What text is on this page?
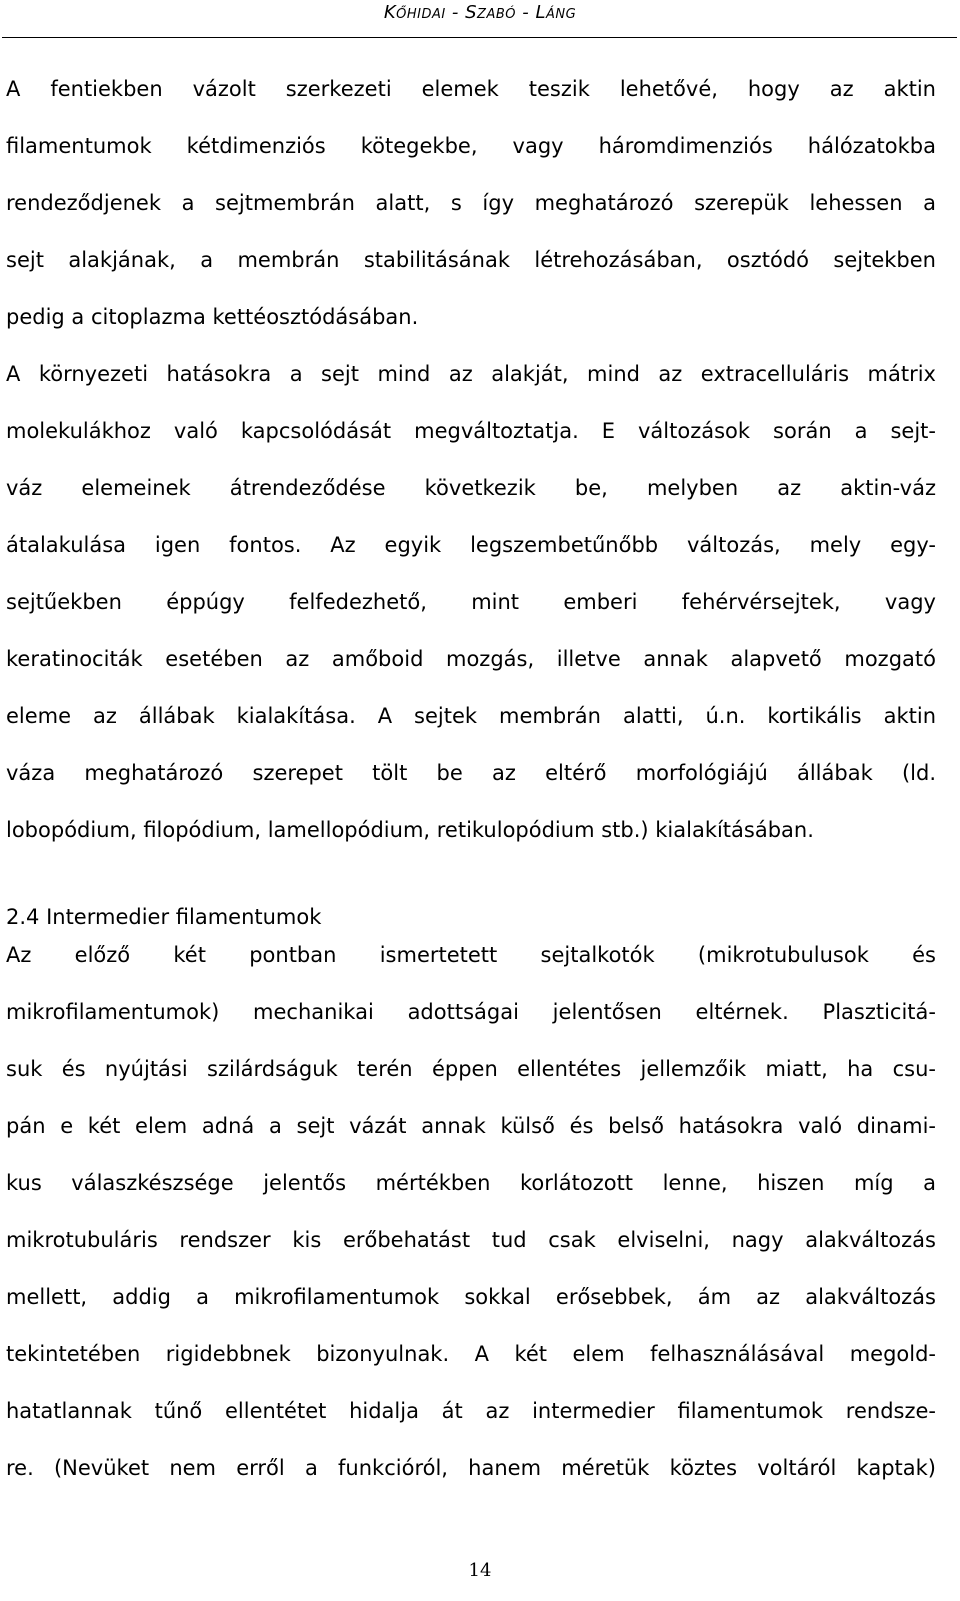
Kőhidai - Szabó - Láng

A fentiekben vázolt szerkezeti elemek teszik lehetővé, hogy az aktin

filamentumok kétdimenziós kötegekbe, vagy háromdimenziós hálózatokba

rendeződjenek a sejtmembrán alatt, s így meghatározó szerepük lehessen a

sejt alakjának, a membrán stabilitásának létrehozásában, osztódó sejtekben

pedig a citoplazma kettéosztódásában.

A környezeti hatásokra a sejt mind az alakját, mind az extracelluláris mátrix

molekulákhoz való kapcsolódását megváltoztatja. E változások során a sejt-

váz elemeinek átrendeződése következik be, melyben az aktin-váz

átalakulása igen fontos. Az egyik legszembetűnőbb változás, mely egy-

sejtűekben éppúgy felfedezhető, mint emberi fehérvérsejtek, vagy

keratinociták esetében az amőboid mozgás, illetve annak alapvető mozgató

eleme az állábak kialakítása. A sejtek membrán alatti, ú.n. kortikális aktin

váza meghatározó szerepet tölt be az eltérő morfológiájú állábak (ld.

lobopódium, filopódium, lamellopódium, retikulopódium stb.) kialakításában.

2.4 Intermedier filamentumok

Az előző két pontban ismertetett sejtalkotók (mikrotubulusok és

mikrofilamentumok) mechanikai adottságai jelentősen eltérnek. Plaszticitá-

suk és nyújtási szilárdságuk terén éppen ellentétes jellemzőik miatt, ha csu-

pán e két elem adná a sejt vázát annak külső és belső hatásokra való dinami-

kus válaszkészsége jelentős mértékben korlátozott lenne, hiszen míg a

mikrotubuláris rendszer kis erőbehatást tud csak elviselni, nagy alakváltozás

mellett, addig a mikrofilamentumok sokkal erősebbek, ám az alakváltozás

tekintetében rigidebbnek bizonyulnak. A két elem felhasználásával megold-

hatatlannak tűnő ellentétet hidalja át az intermedier filamentumok rendsze-

re. (Nevüket nem erről a funkcióról, hanem méretük köztes voltáról kaptak)

14
